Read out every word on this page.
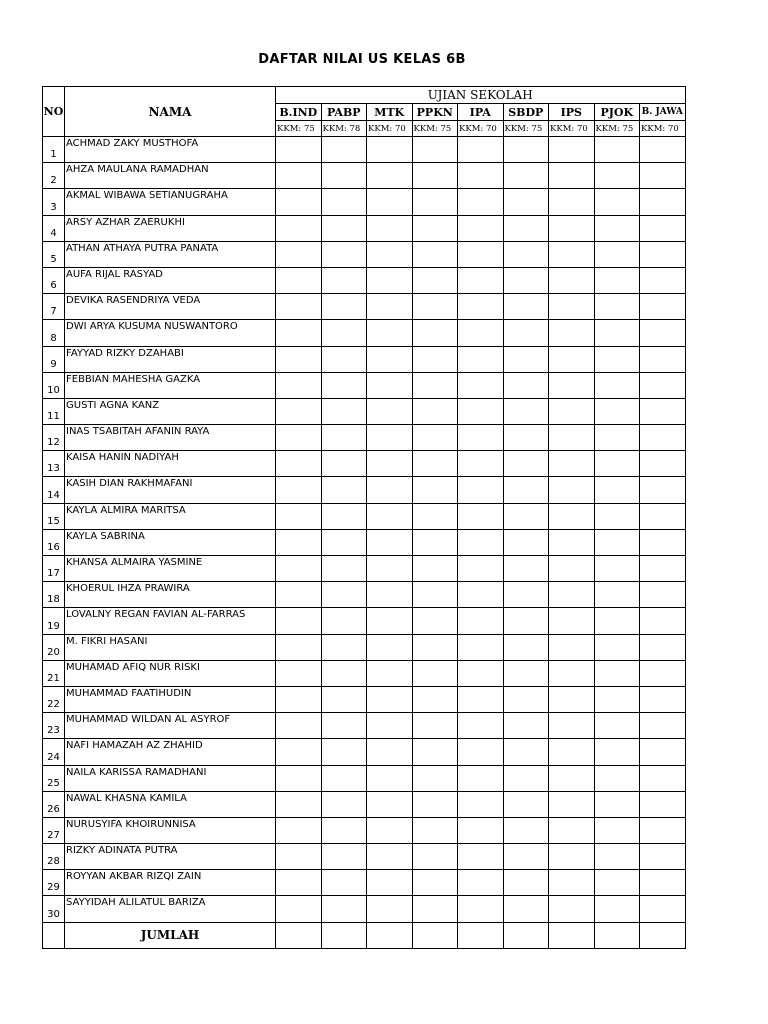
DAFTAR NILAI US KELAS 6B
NO	NAMA	UJIAN SEKOLAH								
		B.IND	PABP	MTK	PPKN	IPA	SBDP	IPS	PJOK	B. JAWA
		KKM: 75	KKM: 78	KKM: 70	KKM: 75	KKM: 70	KKM: 75	KKM: 70	KKM: 75	KKM: 70
1	ACHMAD ZAKY MUSTHOFA									
2	AHZA MAULANA RAMADHAN									
3	AKMAL WIBAWA SETIANUGRAHA									
4	ARSY AZHAR ZAERUKHI									
5	ATHAN ATHAYA PUTRA PANATA									
6	AUFA RIJAL RASYAD									
7	DEVIKA RASENDRIYA VEDA									
8	DWI ARYA KUSUMA NUSWANTORO									
9	FAYYAD RIZKY DZAHABI									
10	FEBBIAN MAHESHA GAZKA									
11	GUSTI AGNA KANZ									
12	INAS TSABITAH AFANIN RAYA									
13	KAISA HANIN NADIYAH									
14	KASIH DIAN RAKHMAFANI									
15	KAYLA ALMIRA MARITSA									
16	KAYLA SABRINA									
17	KHANSA ALMAIRA YASMINE									
18	KHOERUL IHZA PRAWIRA									
19	LOVALNY REGAN FAVIAN AL-FARRAS									
20	M. FIKRI HASANI									
21	MUHAMAD AFIQ NUR RISKI									
22	MUHAMMAD FAATIHUDIN									
23	MUHAMMAD WILDAN AL ASYROF									
24	NAFI HAMAZAH AZ ZHAHID									
25	NAILA KARISSA RAMADHANI									
26	NAWAL KHASNA KAMILA									
27	NURUSYIFA KHOIRUNNISA									
28	RIZKY ADINATA PUTRA									
29	ROYYAN AKBAR RIZQI ZAIN									
30	SAYYIDAH ALILATUL BARIZA									
	JUMLAH									
